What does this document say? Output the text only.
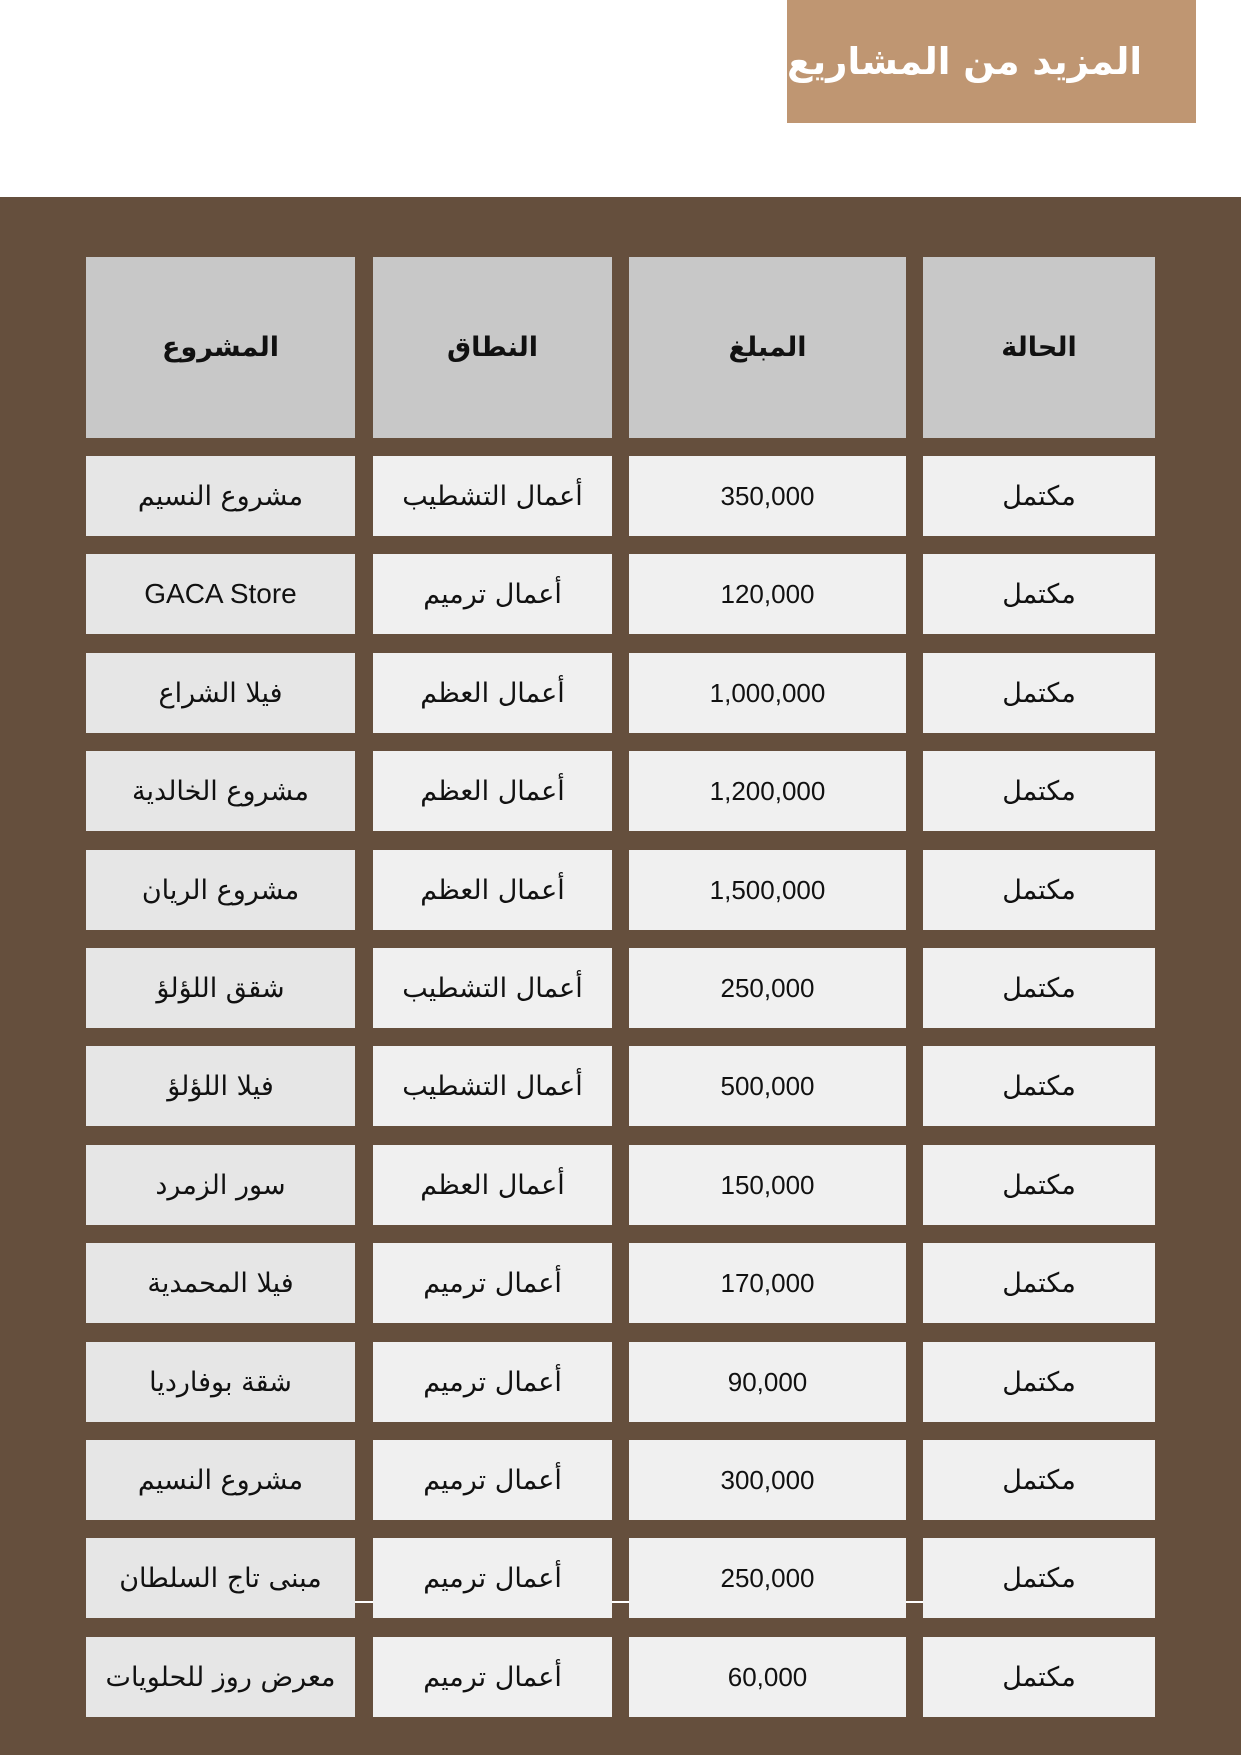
المزيد من المشاريع
المشروع	النطاق	المبلغ	الحالة
مشروع النسيم	أعمال التشطيب	350,000	مكتمل
GACA Store	أعمال ترميم	120,000	مكتمل
فيلا الشراع	أعمال العظم	1,000,000	مكتمل
مشروع الخالدية	أعمال العظم	1,200,000	مكتمل
مشروع الريان	أعمال العظم	1,500,000	مكتمل
شقق اللؤلؤ	أعمال التشطيب	250,000	مكتمل
فيلا اللؤلؤ	أعمال التشطيب	500,000	مكتمل
سور الزمرد	أعمال العظم	150,000	مكتمل
فيلا المحمدية	أعمال ترميم	170,000	مكتمل
شقة بوفارديا	أعمال ترميم	90,000	مكتمل
مشروع النسيم	أعمال ترميم	300,000	مكتمل
مبنى تاج السلطان	أعمال ترميم	250,000	مكتمل
معرض روز للحلويات	أعمال ترميم	60,000	مكتمل
